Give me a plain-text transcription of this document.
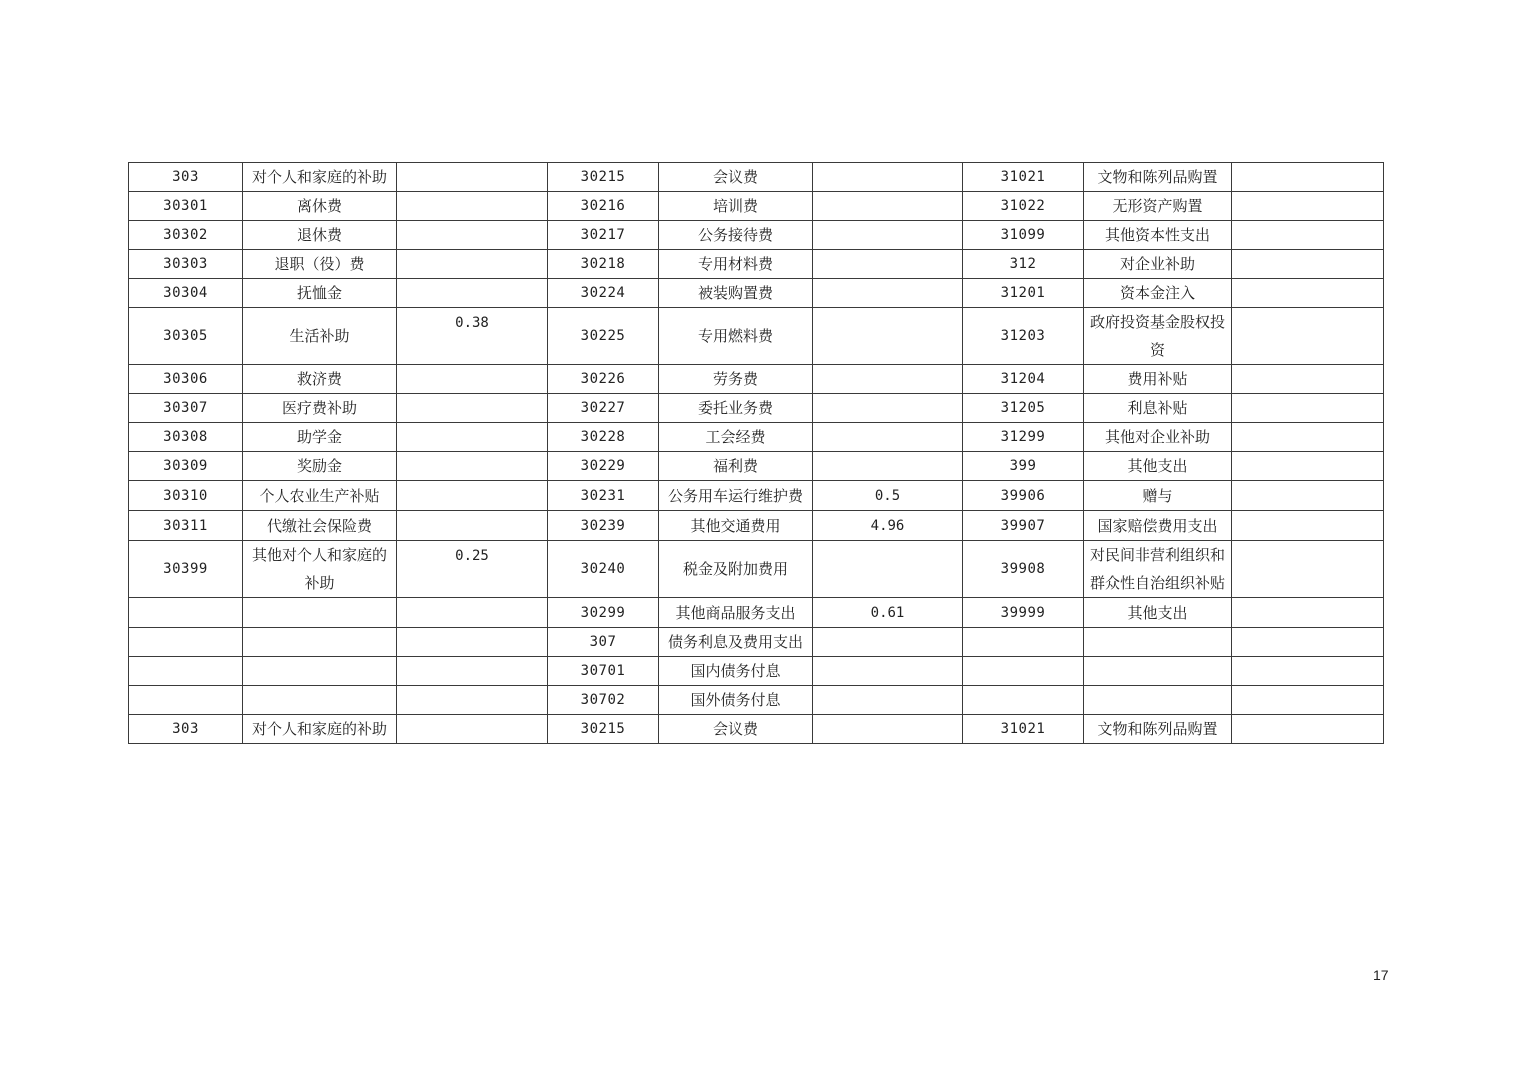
303	对个人和家庭的补助		30215	会议费		31021	文物和陈列品购置	
30301	离休费		30216	培训费		31022	无形资产购置	
30302	退休费		30217	公务接待费		31099	其他资本性支出	
30303	退职（役）费		30218	专用材料费		312	对企业补助	
30304	抚恤金		30224	被装购置费		31201	资本金注入	
30305	生活补助	0.38	30225	专用燃料费		31203	政府投资基金股权投资	
30306	救济费		30226	劳务费		31204	费用补贴	
30307	医疗费补助		30227	委托业务费		31205	利息补贴	
30308	助学金		30228	工会经费		31299	其他对企业补助	
30309	奖励金		30229	福利费		399	其他支出	
30310	个人农业生产补贴		30231	公务用车运行维护费	0.5	39906	赠与	
30311	代缴社会保险费		30239	其他交通费用	4.96	39907	国家赔偿费用支出	
30399	其他对个人和家庭的补助	0.25	30240	税金及附加费用		39908	对民间非营利组织和群众性自治组织补贴	
			30299	其他商品服务支出	0.61	39999	其他支出	
			307	债务利息及费用支出				
			30701	国内债务付息				
			30702	国外债务付息				
303	对个人和家庭的补助		30215	会议费		31021	文物和陈列品购置	
17
